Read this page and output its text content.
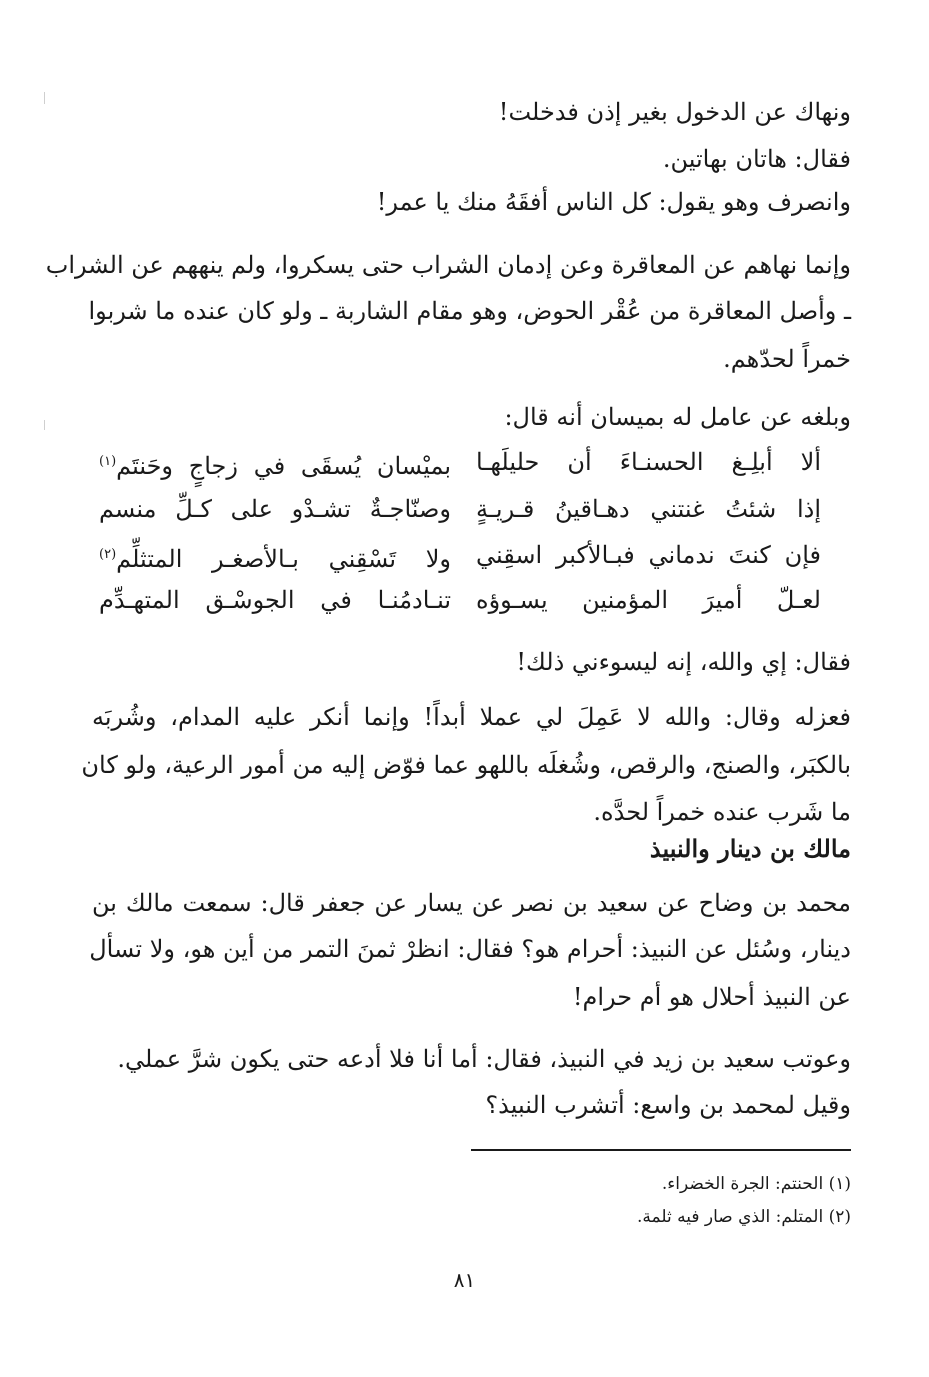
ونهاك عن الدخول بغير إذن فدخلت!
فقال: هاتان بهاتين.
وانصرف وهو يقول: كل الناس أفقَهُ منك يا عمر!
وإنما نهاهم عن المعاقرة وعن إدمان الشراب حتى يسكروا، ولم ينههم عن الشراب
ـ وأصل المعاقرة من عُقْر الحوض، وهو مقام الشاربة ـ ولو كان عنده ما شربوا
خمراً لحدّهم.
وبلغه عن عامل له بميسان أنه قال:
ألا أبلِـغ الحسنـاءَ أن حليلَهـا
بميْسان يُسقَى في زجاجٍ وحَنتَم$^{(١)}$
إذا شئتُ غنتني دهـاقينُ قـريـةٍ
وصنّاجـةٌ تشـدْو على كـلِّ منسم
فإن كنتَ ندماني فبـالأكبر اسقِني
ولا تَسْقِني بـالأصغـر المتثلِّم$^{(٢)}$
لعـلّ أميرَ المؤمنين يسـوؤه
تنـادمُنـا في الجوسْـق المتهـدِّم
فقال: إي والله، إنه ليسوءني ذلك!
فعزله وقال: والله لا عَمِلَ لي عملا أبداً! وإنما أنكر عليه المدام، وشُربَه
بالكبَر، والصنج، والرقص، وشُغلَه باللهو عما فوّض إليه من أمور الرعية، ولو كان
ما شَرب عنده خمراً لحدَّه.
مالك بن دينار والنبيذ
محمد بن وضاح عن سعيد بن نصر عن يسار عن جعفر قال: سمعت مالك بن
دينار، وسُئل عن النبيذ: أحرام هو؟ فقال: انظرْ ثمنَ التمر من أين هو، ولا تسأل
عن النبيذ أحلال هو أم حرام!
وعوتب سعيد بن زيد في النبيذ، فقال: أما أنا فلا أدعه حتى يكون شرَّ عملي.
وقيل لمحمد بن واسع: أتشرب النبيذ؟
(١) الحنتم: الجرة الخضراء.
(٢) المتلم: الذي صار فيه ثلمة.
٨١
